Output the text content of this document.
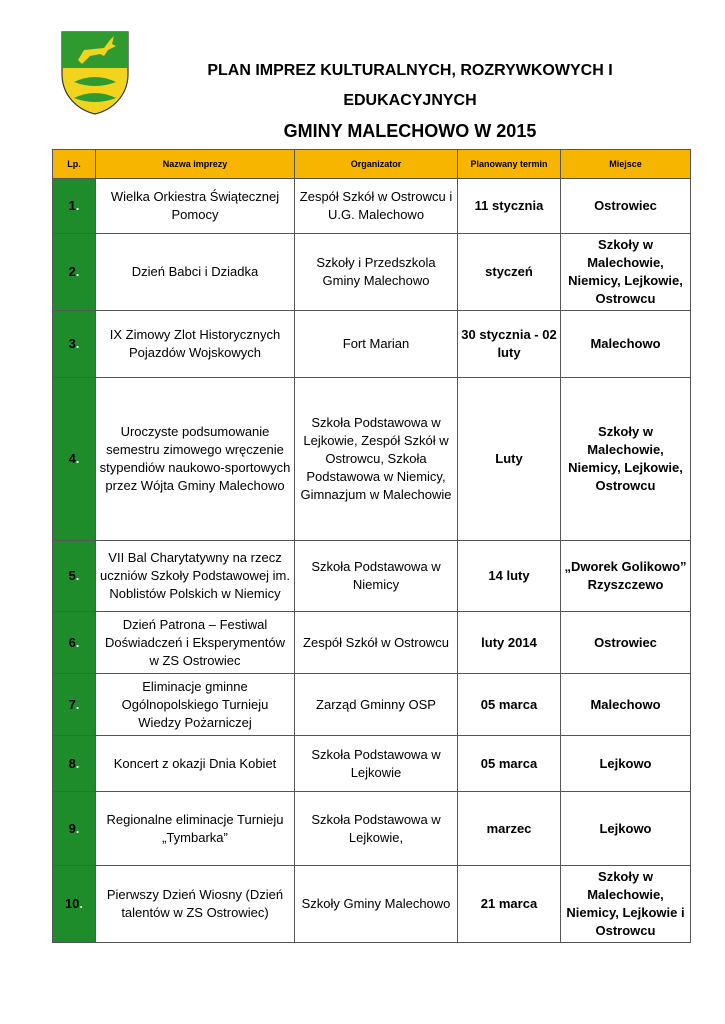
PLAN IMPREZ KULTURALNYCH, ROZRYWKOWYCH I EDUKACYJNYCH
GMINY MALECHOWO W 2015
Lp.	Nazwa imprezy	Organizator	Planowany termin	Miejsce
1.	Wielka Orkiestra Świątecznej Pomocy	Zespół Szkół w Ostrowcu i U.G. Malechowo	11 stycznia	Ostrowiec
2.	Dzień Babci i Dziadka	Szkoły i Przedszkola Gminy Malechowo	styczeń	Szkoły w Malechowie, Niemicy, Lejkowie, Ostrowcu
3.	IX Zimowy Zlot Historycznych Pojazdów Wojskowych	Fort Marian	30 stycznia - 02 luty	Malechowo
4.	Uroczyste podsumowanie semestru zimowego wręczenie stypendiów naukowo-sportowych przez Wójta Gminy Malechowo	Szkoła Podstawowa w Lejkowie, Zespół Szkół w Ostrowcu, Szkoła Podstawowa w Niemicy, Gimnazjum w Malechowie	Luty	Szkoły w Malechowie, Niemicy, Lejkowie, Ostrowcu
5.	VII Bal Charytatywny na rzecz uczniów Szkoły Podstawowej im. Noblistów Polskich w Niemicy	Szkoła Podstawowa w Niemicy	14 luty	„Dworek Golikowo” Rzyszczewo
6.	Dzień Patrona – Festiwal Doświadczeń i Eksperymentów w ZS Ostrowiec	Zespół Szkół w Ostrowcu	luty 2014	Ostrowiec
7.	Eliminacje gminne Ogólnopolskiego Turnieju Wiedzy Pożarniczej	Zarząd Gminny OSP	05 marca	Malechowo
8.	Koncert z okazji Dnia Kobiet	Szkoła Podstawowa w Lejkowie	05 marca	Lejkowo
9.	Regionalne eliminacje Turnieju „Tymbarka”	Szkoła Podstawowa w Lejkowie,	marzec	Lejkowo
10.	Pierwszy Dzień Wiosny (Dzień talentów w ZS Ostrowiec)	Szkoły Gminy Malechowo	21 marca	Szkoły w Malechowie, Niemicy, Lejkowie i Ostrowcu
